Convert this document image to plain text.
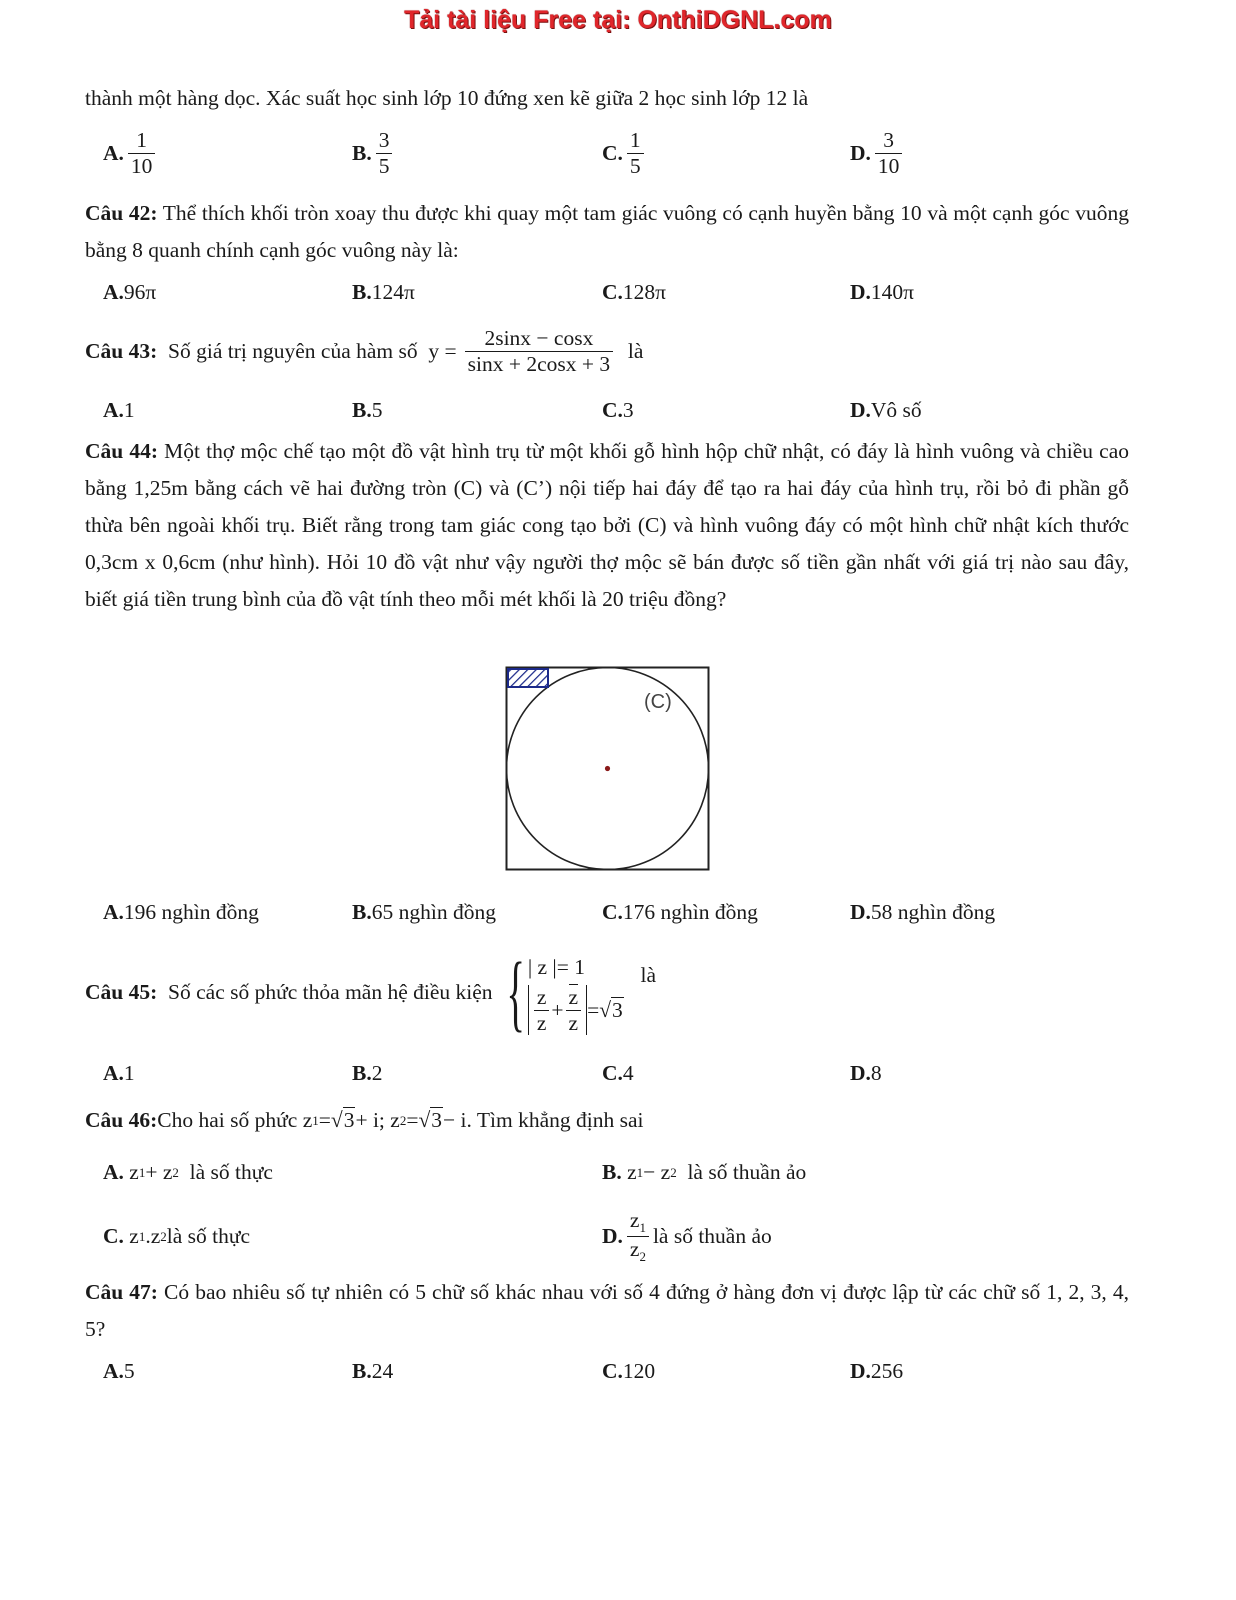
Tải tài liệu Free tại: OnthiDGNL.com

thành một hàng dọc. Xác suất học sinh lớp 10 đứng xen kẽ giữa 2 học sinh lớp 12 là

A. $\frac{1}{10}$	B. $\frac{3}{5}$	C. $\frac{1}{5}$	D. $\frac{3}{10}$

Câu 42: Thể thích khối tròn xoay thu được khi quay một tam giác vuông có cạnh huyền bằng 10 và một cạnh góc vuông bằng 8 quanh chính cạnh góc vuông này là:

A. 96π	B. 124π	C. 128π	D. 140π
Câu 43:
Số giá trị nguyên của hàm số
$y = \frac{2\sin x - \cos x}{\sin x + 2\cos x + 3}$
là
A. 1	B. 5	C. 3	D. Vô số

Câu 44: Một thợ mộc chế tạo một đồ vật hình trụ từ một khối gỗ hình hộp chữ nhật, có đáy là hình vuông và chiều cao bằng 1,25m bằng cách vẽ hai đường tròn (C) và (C’) nội tiếp hai đáy để tạo ra hai đáy của hình trụ, rồi bỏ đi phần gỗ thừa bên ngoài khối trụ. Biết rằng trong tam giác cong tạo bởi (C) và hình vuông đáy có một hình chữ nhật kích thước 0,3cm x 0,6cm (như hình). Hỏi 10 đồ vật như vậy người thợ mộc sẽ bán được số tiền gần nhất với giá trị nào sau đây, biết giá tiền trung bình của đồ vật tính theo mỗi mét khối là 20 triệu đồng?

(C)
A. 196 nghìn đồng	B. 65 nghìn đồng	C. 176 nghìn đồng	D. 58 nghìn đồng
Câu 45:
Số các số phức thỏa mãn hệ điều kiện { | z |= 1
$\frac{z}{z} + \frac{z}{z} = √3$

là
A. 1	B. 2	C. 4	D. 8
Câu 46: Cho hai số phức
z 1 = √3 + i; z 2 = √3 − i . Tìm khẳng định sai
A.
z 1 + z 2 là số thực	B.
z 1 − z 2 là số thuần ảo
C.
z 1 .z 2 là số thực	D. $\frac{z_1}{z_2}$ là số thuần ảo

Câu 47: Có bao nhiêu số tự nhiên có 5 chữ số khác nhau với số 4 đứng ở hàng đơn vị được lập từ các chữ số 1, 2, 3, 4, 5?

A. 5	B. 24	C. 120	D. 256
